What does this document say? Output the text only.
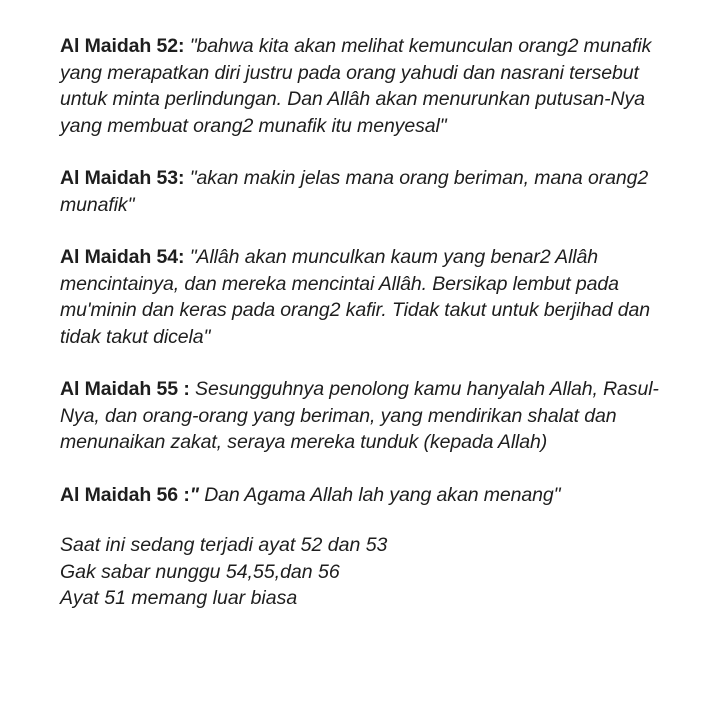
Al Maidah 52: "bahwa kita akan melihat kemunculan orang2 munafik yang merapatkan diri justru pada orang yahudi dan nasrani tersebut untuk minta perlindungan. Dan Allâh akan menurunkan putusan-Nya yang membuat orang2 munafik itu menyesal"

Al Maidah 53: "akan makin jelas mana orang beriman, mana orang2 munafik"

Al Maidah 54: "Allâh akan munculkan kaum yang benar2 Allâh mencintainya, dan mereka mencintai Allâh. Bersikap lembut pada mu'minin dan keras pada orang2 kafir. Tidak takut untuk berjihad dan tidak takut dicela"

Al Maidah 55 : Sesungguhnya penolong kamu hanyalah Allah, Rasul-Nya, dan orang-orang yang beriman, yang mendirikan shalat dan menunaikan zakat, seraya mereka tunduk (kepada Allah)

Al Maidah 56 :" Dan Agama Allah lah yang akan menang"

Saat ini sedang terjadi ayat 52 dan 53
Gak sabar nunggu 54,55,dan 56
Ayat 51 memang luar biasa
